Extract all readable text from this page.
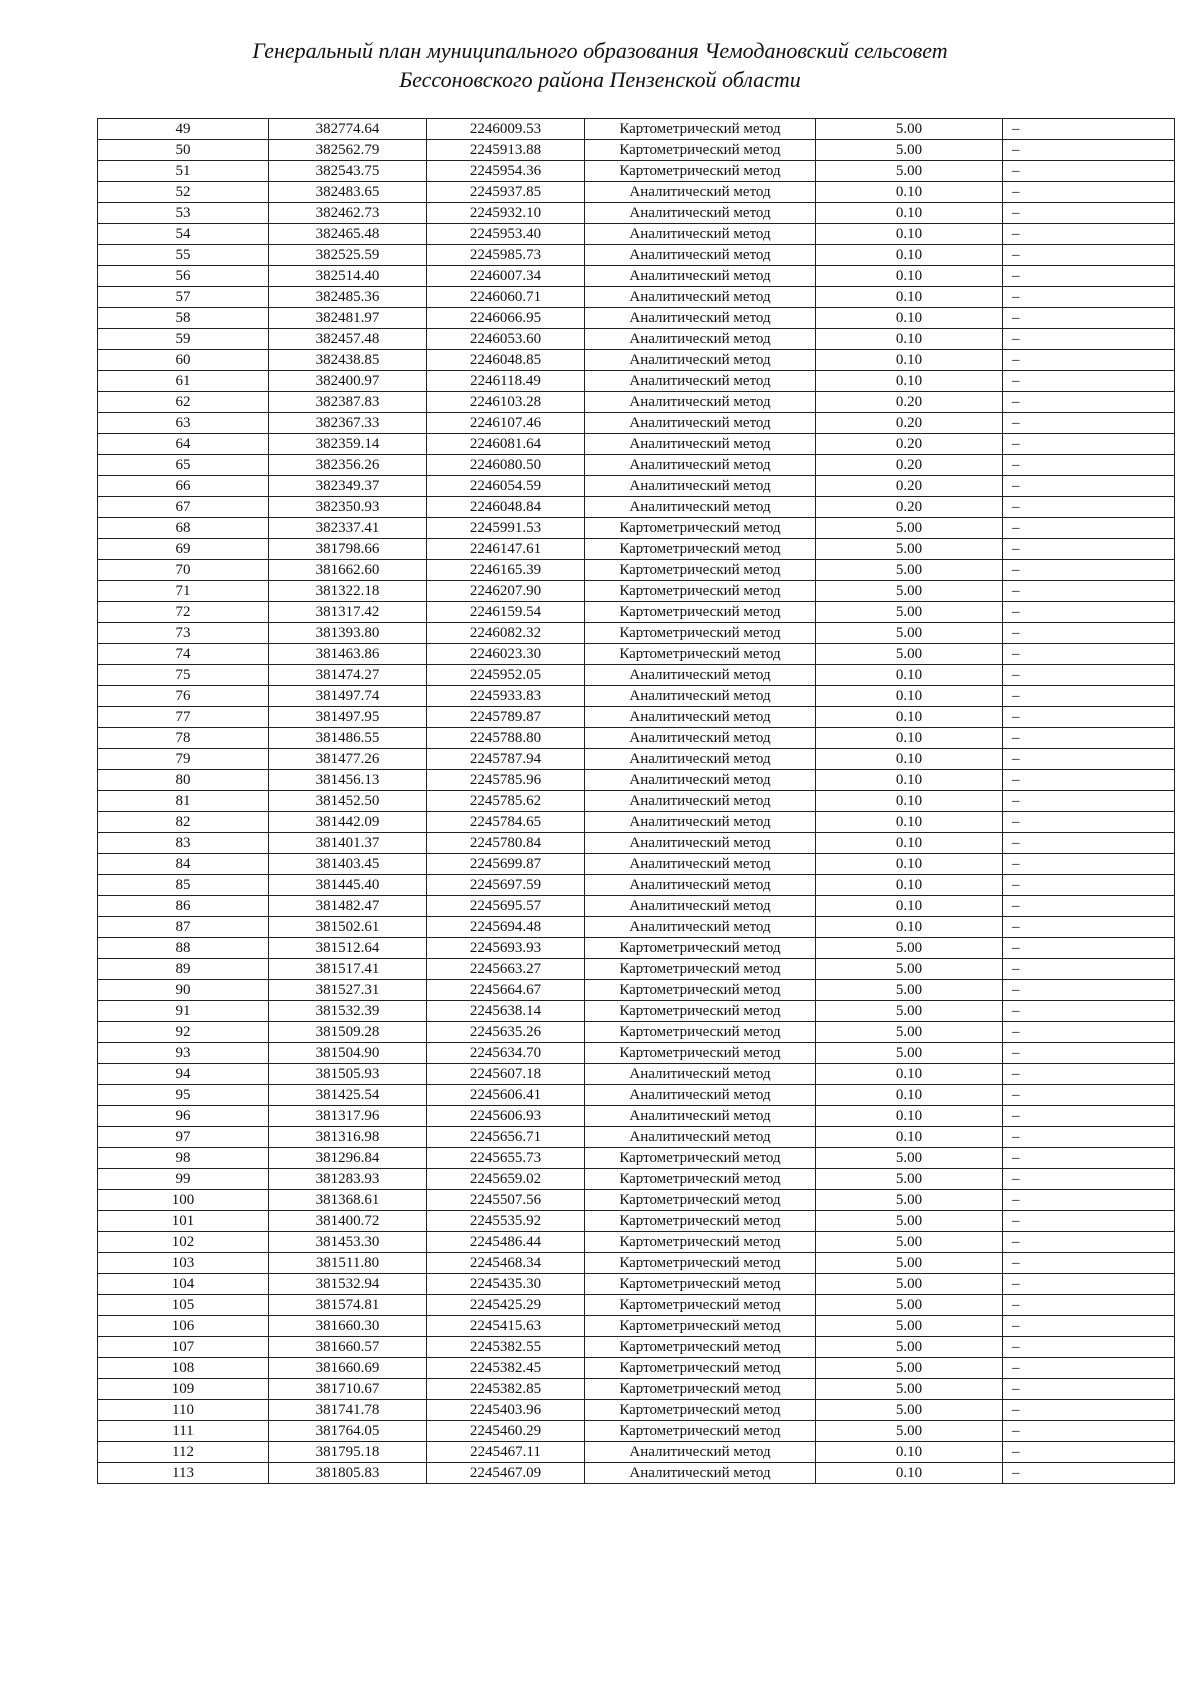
Генеральный план муниципального образования Чемодановский сельсовет
Бессоновского района Пензенской области
49	382774.64	2246009.53	Картометрический метод	5.00	–
50	382562.79	2245913.88	Картометрический метод	5.00	–
51	382543.75	2245954.36	Картометрический метод	5.00	–
52	382483.65	2245937.85	Аналитический метод	0.10	–
53	382462.73	2245932.10	Аналитический метод	0.10	–
54	382465.48	2245953.40	Аналитический метод	0.10	–
55	382525.59	2245985.73	Аналитический метод	0.10	–
56	382514.40	2246007.34	Аналитический метод	0.10	–
57	382485.36	2246060.71	Аналитический метод	0.10	–
58	382481.97	2246066.95	Аналитический метод	0.10	–
59	382457.48	2246053.60	Аналитический метод	0.10	–
60	382438.85	2246048.85	Аналитический метод	0.10	–
61	382400.97	2246118.49	Аналитический метод	0.10	–
62	382387.83	2246103.28	Аналитический метод	0.20	–
63	382367.33	2246107.46	Аналитический метод	0.20	–
64	382359.14	2246081.64	Аналитический метод	0.20	–
65	382356.26	2246080.50	Аналитический метод	0.20	–
66	382349.37	2246054.59	Аналитический метод	0.20	–
67	382350.93	2246048.84	Аналитический метод	0.20	–
68	382337.41	2245991.53	Картометрический метод	5.00	–
69	381798.66	2246147.61	Картометрический метод	5.00	–
70	381662.60	2246165.39	Картометрический метод	5.00	–
71	381322.18	2246207.90	Картометрический метод	5.00	–
72	381317.42	2246159.54	Картометрический метод	5.00	–
73	381393.80	2246082.32	Картометрический метод	5.00	–
74	381463.86	2246023.30	Картометрический метод	5.00	–
75	381474.27	2245952.05	Аналитический метод	0.10	–
76	381497.74	2245933.83	Аналитический метод	0.10	–
77	381497.95	2245789.87	Аналитический метод	0.10	–
78	381486.55	2245788.80	Аналитический метод	0.10	–
79	381477.26	2245787.94	Аналитический метод	0.10	–
80	381456.13	2245785.96	Аналитический метод	0.10	–
81	381452.50	2245785.62	Аналитический метод	0.10	–
82	381442.09	2245784.65	Аналитический метод	0.10	–
83	381401.37	2245780.84	Аналитический метод	0.10	–
84	381403.45	2245699.87	Аналитический метод	0.10	–
85	381445.40	2245697.59	Аналитический метод	0.10	–
86	381482.47	2245695.57	Аналитический метод	0.10	–
87	381502.61	2245694.48	Аналитический метод	0.10	–
88	381512.64	2245693.93	Картометрический метод	5.00	–
89	381517.41	2245663.27	Картометрический метод	5.00	–
90	381527.31	2245664.67	Картометрический метод	5.00	–
91	381532.39	2245638.14	Картометрический метод	5.00	–
92	381509.28	2245635.26	Картометрический метод	5.00	–
93	381504.90	2245634.70	Картометрический метод	5.00	–
94	381505.93	2245607.18	Аналитический метод	0.10	–
95	381425.54	2245606.41	Аналитический метод	0.10	–
96	381317.96	2245606.93	Аналитический метод	0.10	–
97	381316.98	2245656.71	Аналитический метод	0.10	–
98	381296.84	2245655.73	Картометрический метод	5.00	–
99	381283.93	2245659.02	Картометрический метод	5.00	–
100	381368.61	2245507.56	Картометрический метод	5.00	–
101	381400.72	2245535.92	Картометрический метод	5.00	–
102	381453.30	2245486.44	Картометрический метод	5.00	–
103	381511.80	2245468.34	Картометрический метод	5.00	–
104	381532.94	2245435.30	Картометрический метод	5.00	–
105	381574.81	2245425.29	Картометрический метод	5.00	–
106	381660.30	2245415.63	Картометрический метод	5.00	–
107	381660.57	2245382.55	Картометрический метод	5.00	–
108	381660.69	2245382.45	Картометрический метод	5.00	–
109	381710.67	2245382.85	Картометрический метод	5.00	–
110	381741.78	2245403.96	Картометрический метод	5.00	–
111	381764.05	2245460.29	Картометрический метод	5.00	–
112	381795.18	2245467.11	Аналитический метод	0.10	–
113	381805.83	2245467.09	Аналитический метод	0.10	–
